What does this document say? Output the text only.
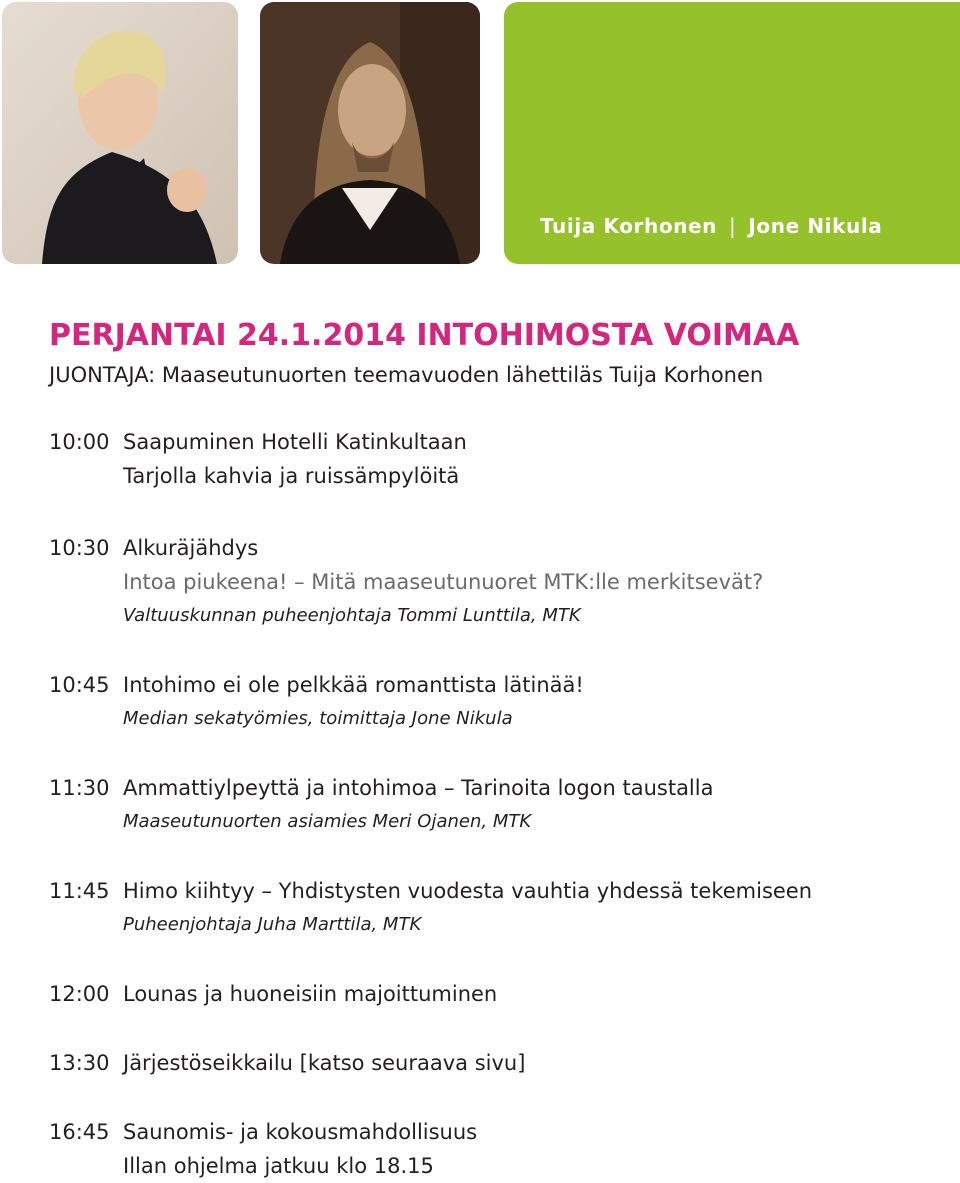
Tuija Korhonen | Jone Nikula
PERJANTAI 24.1.2014 INTOHIMOSTA VOIMAA
JUONTAJA: Maaseutunuorten teemavuoden lähettiläs Tuija Korhonen
10:00 Saapuminen Hotelli Katinkultaan
Tarjolla kahvia ja ruissämpylöitä
10:30 Alkuräjähdys
Intoa piukeena! – Mitä maaseutunuoret MTK:lle merkitsevät?
Valtuuskunnan puheenjohtaja Tommi Lunttila, MTK
10:45 Intohimo ei ole pelkkää romanttista lätinää!
Median sekatyömies, toimittaja Jone Nikula
11:30 Ammattiylpeyttä ja intohimoa – Tarinoita logon taustalla
Maaseutunuorten asiamies Meri Ojanen, MTK
11:45 Himo kiihtyy – Yhdistysten vuodesta vauhtia yhdessä tekemiseen
Puheenjohtaja Juha Marttila, MTK
12:00 Lounas ja huoneisiin majoittuminen
13:30 Järjestöseikkailu [katso seuraava sivu]
16:45 Saunomis- ja kokousmahdollisuus
Illan ohjelma jatkuu klo 18.15
